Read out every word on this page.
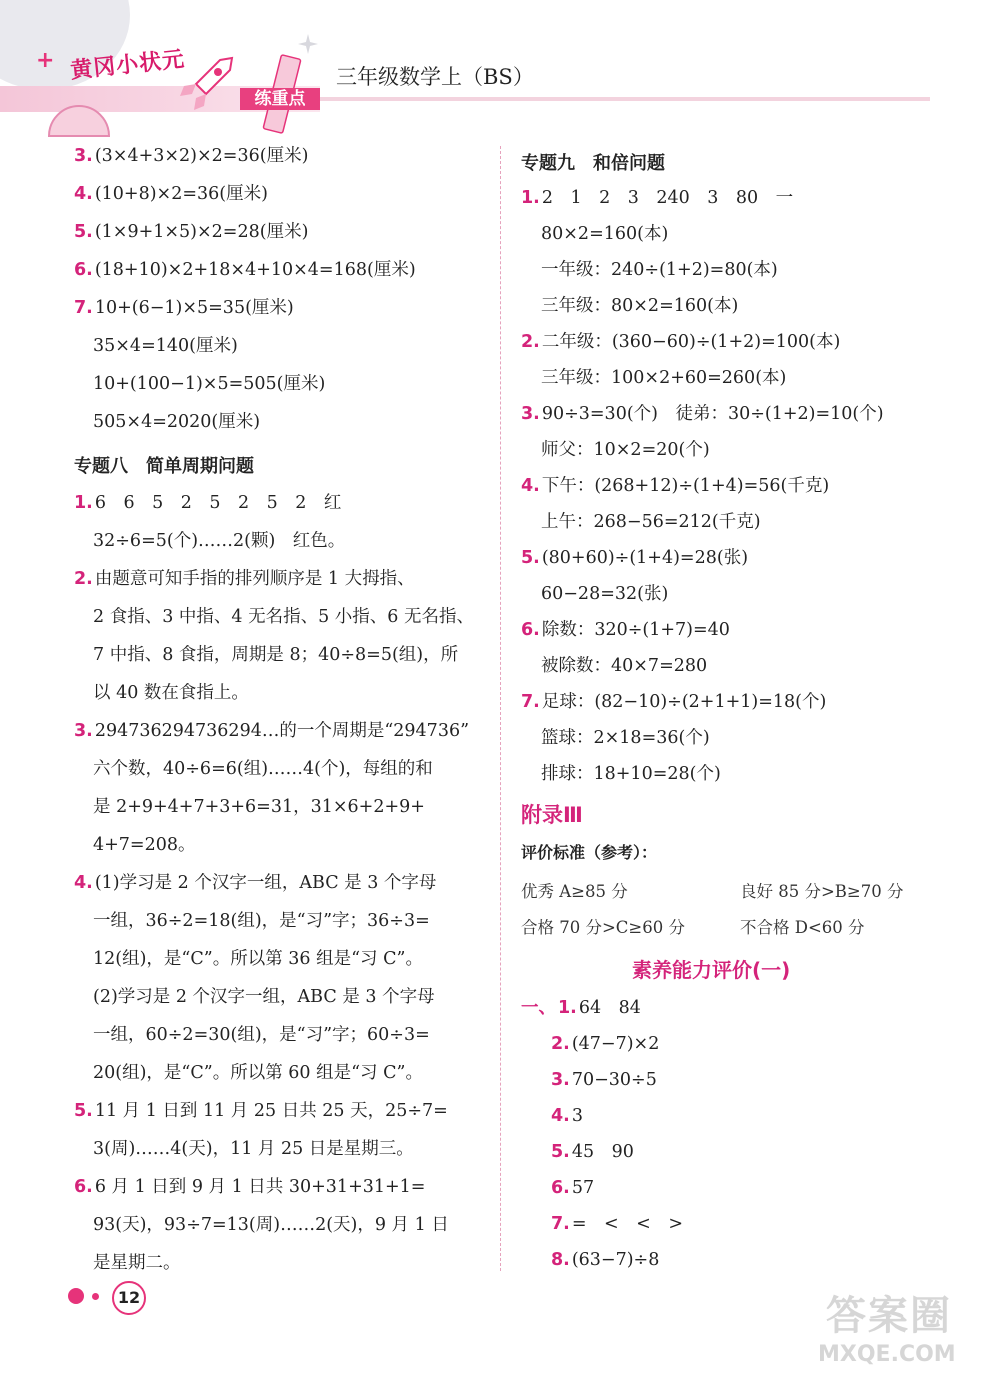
+ 黄冈小状元
练重点
三年级数学上（BS）
3. (3×4+3×2)×2=36(厘米)
4. (10+8)×2=36(厘米)
5. (1×9+1×5)×2=28(厘米)
6. (18+10)×2+18×4+10×4=168(厘米)
7. 10+(6−1)×5=35(厘米)
35×4=140(厘米)
10+(100−1)×5=505(厘米)
505×4=2020(厘米)
专题八　简单周期问题
1. 6　6　5　2　5　2　5　2　红
32÷6=5(个)……2(颗)　红色。
2. 由题意可知手指的排列顺序是 1 大拇指、
2 食指、3 中指、4 无名指、5 小指、6 无名指、
7 中指、8 食指，周期是 8；40÷8=5(组)，所
以 40 数在食指上。
3. 294736294736294…的一个周期是“294736”
六个数，40÷6=6(组)……4(个)，每组的和
是 2+9+4+7+3+6=31，31×6+2+9+
4+7=208。
4. (1)学习是 2 个汉字一组，ABC 是 3 个字母
一组，36÷2=18(组)，是“习”字；36÷3=
12(组)，是“C”。所以第 36 组是“习 C”。
(2)学习是 2 个汉字一组，ABC 是 3 个字母
一组，60÷2=30(组)，是“习”字；60÷3=
20(组)，是“C”。所以第 60 组是“习 C”。
5. 11 月 1 日到 11 月 25 日共 25 天，25÷7=
3(周)……4(天)，11 月 25 日是星期三。
6. 6 月 1 日到 9 月 1 日共 30+31+31+1=
93(天)，93÷7=13(周)……2(天)，9 月 1 日
是星期二。
专题九　和倍问题
1. 2　1　2　3　240　3　80　一
80×2=160(本)
一年级：240÷(1+2)=80(本)
三年级：80×2=160(本)
2. 二年级：(360−60)÷(1+2)=100(本)
三年级：100×2+60=260(本)
3. 90÷3=30(个)　徒弟：30÷(1+2)=10(个)
师父：10×2=20(个)
4. 下午：(268+12)÷(1+4)=56(千克)
上午：268−56=212(千克)
5. (80+60)÷(1+4)=28(张)
60−28=32(张)
6. 除数：320÷(1+7)=40
被除数：40×7=280
7. 足球：(82−10)÷(2+1+1)=18(个)
篮球：2×18=36(个)
排球：18+10=28(个)
附录Ⅲ
评价标准（参考）：
优秀 A≥85 分	良好 85 分>B≥70 分
合格 70 分>C≥60 分	不合格 D<60 分
素养能力评价(一)
一、 1. 64　84
2. (47−7)×2
3. 70−30÷5
4. 3
5. 45　90
6. 57
7. =　<　<　>
8. (63−7)÷8
12	答案圈
MXQE.COM
